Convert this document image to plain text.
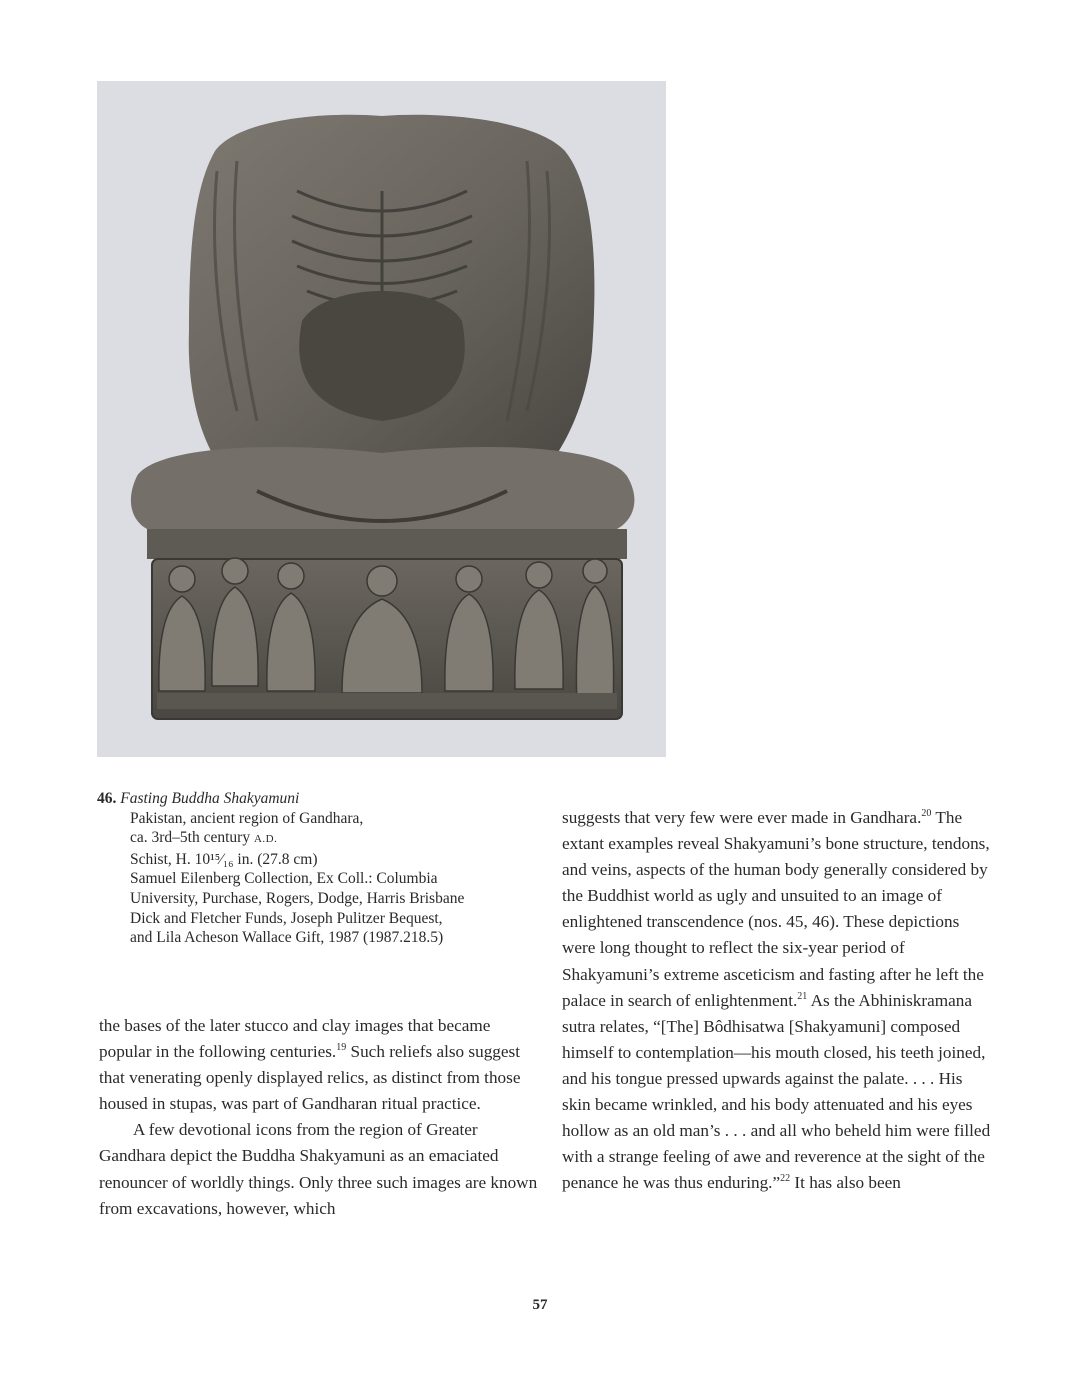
46. Fasting Buddha Shakyamuni
Pakistan, ancient region of Gandhara,
ca. 3rd–5th century A.D.
Schist, H. 10¹⁵⁄₁₆ in. (27.8 cm)
Samuel Eilenberg Collection, Ex Coll.: Columbia
University, Purchase, Rogers, Dodge, Harris Brisbane
Dick and Fletcher Funds, Joseph Pulitzer Bequest,
and Lila Acheson Wallace Gift, 1987 (1987.218.5)

the bases of the later stucco and clay images that became popular in the following centuries.$^{19}$ Such reliefs also suggest that venerating openly displayed relics, as distinct from those housed in stupas, was part of Gandharan ritual practice.

A few devotional icons from the region of Greater Gandhara depict the Buddha Shakyamuni as an emaciated renouncer of worldly things. Only three such images are known from excavations, however, which

suggests that very few were ever made in Gandhara.$^{20}$ The extant examples reveal Shakyamuni’s bone structure, tendons, and veins, aspects of the human body generally considered by the Buddhist world as ugly and unsuited to an image of enlightened transcendence (nos. 45, 46). These depictions were long thought to reflect the six-year period of Shakyamuni’s extreme asceticism and fasting after he left the palace in search of enlightenment.$^{21}$ As the Abhiniskramana sutra relates, “[The] Bôdhisatwa [Shakyamuni] composed himself to contemplation—his mouth closed, his teeth joined, and his tongue pressed upwards against the palate. . . . His skin became wrinkled, and his body attenuated and his eyes hollow as an old man’s . . . and all who beheld him were filled with a strange feeling of awe and reverence at the sight of the penance he was thus enduring.”$^{22}$ It has also been

57
